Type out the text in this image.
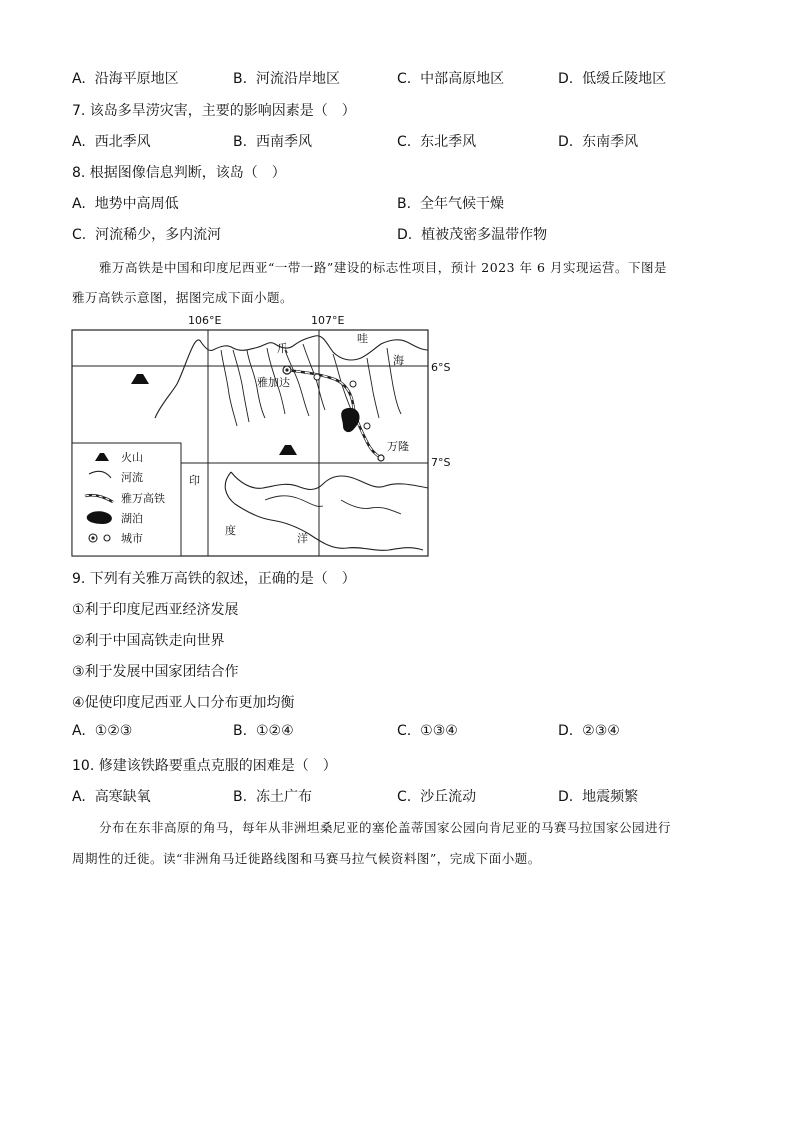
A. 沿海平原地区	B. 河流沿岸地区	C. 中部高原地区	D. 低缓丘陵地区
7. 该岛多旱涝灾害，主要的影响因素是（　）
A. 西北季风	B. 西南季风	C. 东北季风	D. 东南季风
8. 根据图像信息判断，该岛（　）
A. 地势中高周低	B. 全年气候干燥
C. 河流稀少，多内流河	D. 植被茂密多温带作物
雅万高铁是中国和印度尼西亚“一带一路”建设的标志性项目，预计 2023 年 6 月实现运营。下图是
雅万高铁示意图，据图完成下面小题。
106°E	107°E
爪
哇
海
雅加达
万隆
印
度
洋
火山
河流
雅万高铁
湖泊
城市
6°S
7°S
9. 下列有关雅万高铁的叙述，正确的是（　）
①利于印度尼西亚经济发展
②利于中国高铁走向世界
③利于发展中国家团结合作
④促使印度尼西亚人口分布更加均衡
A. ①②③	B. ①②④	C. ①③④	D. ②③④
10. 修建该铁路要重点克服的困难是（　）
A. 高寒缺氧	B. 冻土广布	C. 沙丘流动	D. 地震频繁
分布在东非高原的角马，每年从非洲坦桑尼亚的塞伦盖蒂国家公园向肯尼亚的马赛马拉国家公园进行
周期性的迁徙。读“非洲角马迁徙路线图和马赛马拉气候资料图”，完成下面小题。
